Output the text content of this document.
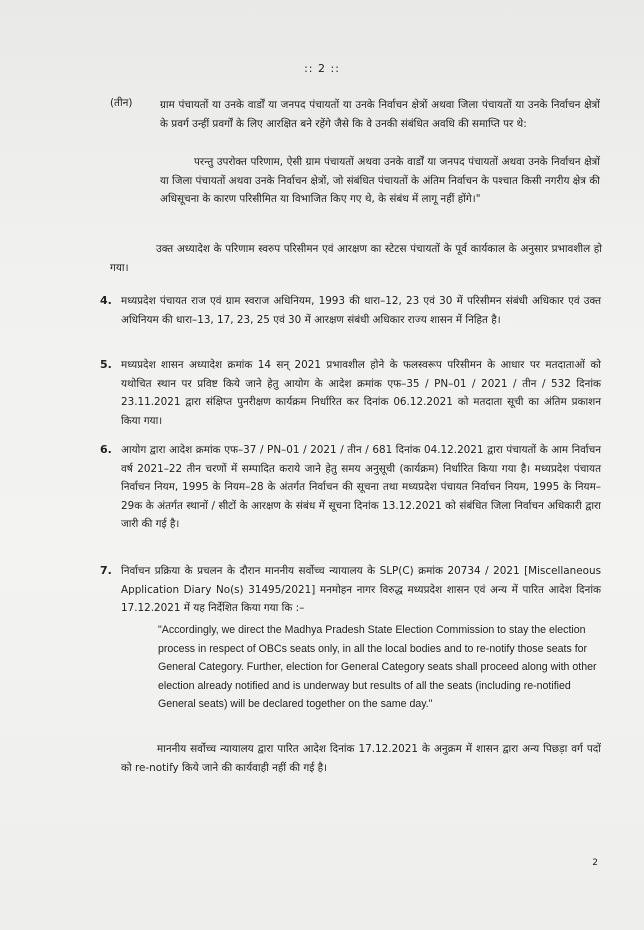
:: 2 ::
(तीन)	ग्राम पंचायतों या उनके वार्डों या जनपद पंचायतों या उनके निर्वाचन क्षेत्रों अथवा जिला पंचायतों या उनके निर्वाचन क्षेत्रों के प्रवर्ग उन्हीं प्रवर्गों के लिए आरक्षित बने रहेंगे जैसे कि वे उनकी संबंधित अवधि की समाप्ति पर थे:

परन्तु उपरोक्त परिणाम, ऐसी ग्राम पंचायतों अथवा उनके वार्डों या जनपद पंचायतों अथवा उनके निर्वाचन क्षेत्रों या जिला पंचायतों अथवा उनके निर्वाचन क्षेत्रों, जो संबंधित पंचायतों के अंतिम निर्वाचन के पश्चात किसी नगरीय क्षेत्र की अधिसूचना के कारण परिसीमित या विभाजित किए गए थे, के संबंध में लागू नहीं होंगे।"

उक्त अध्यादेश के परिणाम स्वरुप परिसीमन एवं आरक्षण का स्टेटस पंचायतों के पूर्व कार्यकाल के अनुसार प्रभावशील हो गया।

4. मध्यप्रदेश पंचायत राज एवं ग्राम स्वराज अधिनियम, 1993 की धारा–12, 23 एवं 30 में परिसीमन संबंधी अधिकार एवं उक्त अधिनियम की धारा–13, 17, 23, 25 एवं 30 में आरक्षण संबंधी अधिकार राज्य शासन में निहित है।

5. मध्यप्रदेश शासन अध्यादेश क्रमांक 14 सन् 2021 प्रभावशील होने के फलस्वरूप परिसीमन के आधार पर मतदाताओं को यथोचित स्थान पर प्रविष्ट किये जाने हेतु आयोग के आदेश क्रमांक एफ–35 / PN–01 / 2021 / तीन / 532 दिनांक 23.11.2021 द्वारा संक्षिप्त पुनरीक्षण कार्यक्रम निर्धारित कर दिनांक 06.12.2021 को मतदाता सूची का अंतिम प्रकाशन किया गया।

6. आयोग द्वारा आदेश क्रमांक एफ–37 / PN–01 / 2021 / तीन / 681 दिनांक 04.12.2021 द्वारा पंचायतों के आम निर्वाचन वर्ष 2021–22 तीन चरणों में सम्पादित कराये जाने हेतु समय अनुसूची (कार्यक्रम) निर्धारित किया गया है। मध्यप्रदेश पंचायत निर्वाचन नियम, 1995 के नियम–28 के अंतर्गत निर्वाचन की सूचना तथा मध्यप्रदेश पंचायत निर्वाचन नियम, 1995 के नियम–29क के अंतर्गत स्थानों / सीटों के आरक्षण के संबंध में सूचना दिनांक 13.12.2021 को संबंधित जिला निर्वाचन अधिकारी द्वारा जारी की गई है।

7. निर्वाचन प्रक्रिया के प्रचलन के दौरान माननीय सर्वोच्च न्यायालय के SLP(C) क्रमांक 20734 / 2021 [Miscellaneous Application Diary No(s) 31495/2021] मनमोहन नागर विरुद्ध मध्यप्रदेश शासन एवं अन्य में पारित आदेश दिनांक 17.12.2021 में यह निर्देशित किया गया कि :–

"Accordingly, we direct the Madhya Pradesh State Election Commission to stay the election process in respect of OBCs seats only, in all the local bodies and to re-notify those seats for General Category. Further, election for General Category seats shall proceed along with other election already notified and is underway but results of all the seats (including re-notified General seats) will be declared together on the same day."

माननीय सर्वोच्च न्यायालय द्वारा पारित आदेश दिनांक 17.12.2021 के अनुक्रम में शासन द्वारा अन्य पिछड़ा वर्ग पदों को re-notify किये जाने की कार्यवाही नहीं की गई है।

2
